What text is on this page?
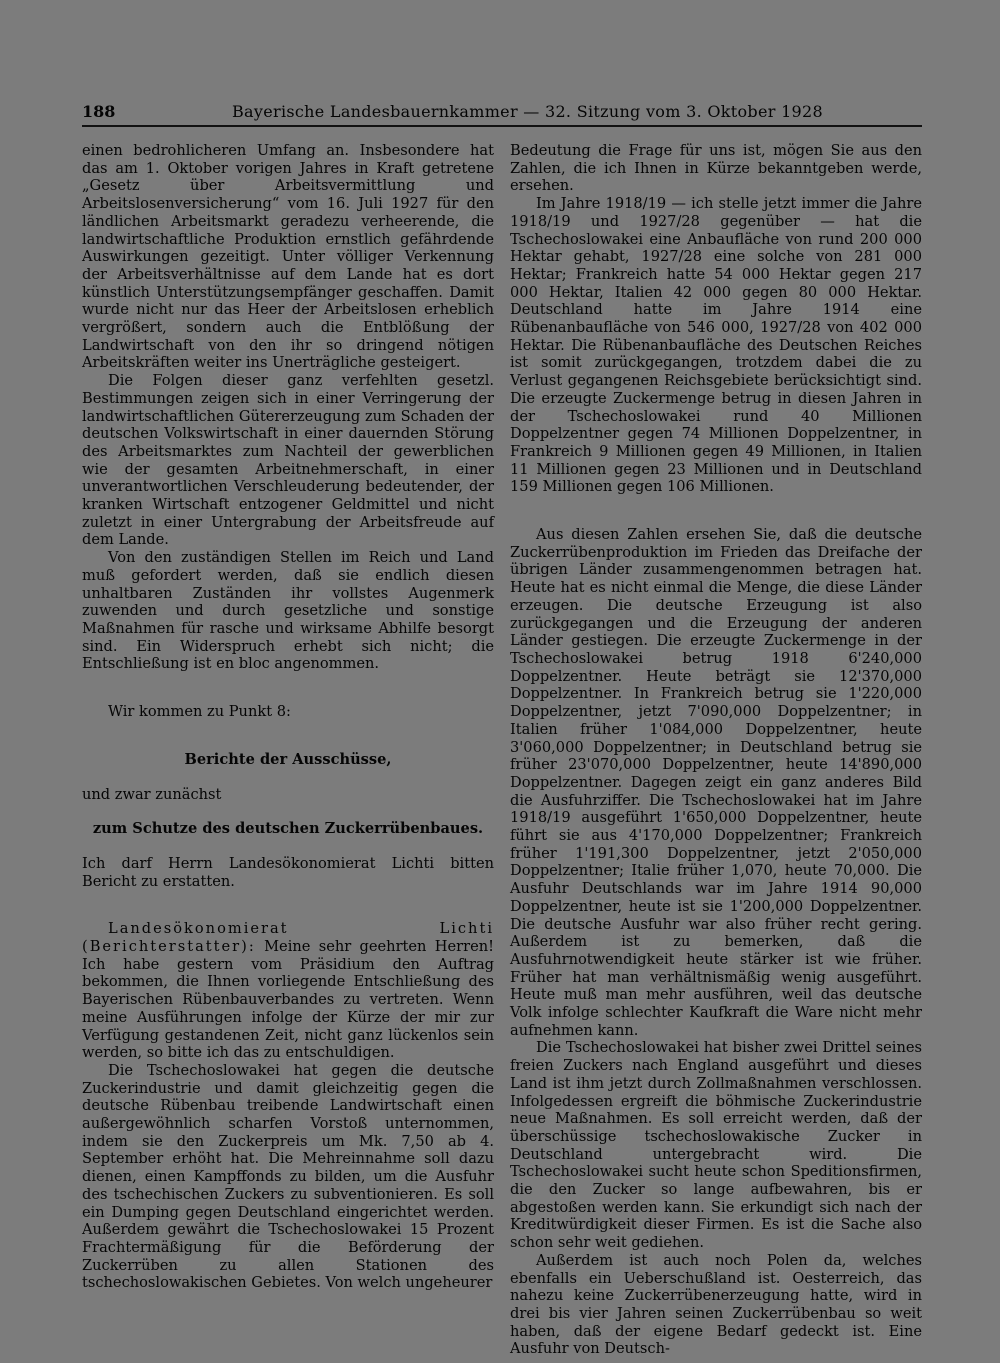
188	Bayerische Landesbauernkammer — 32. Sitzung vom 3. Oktober 1928

einen bedrohlicheren Umfang an. Insbesondere hat das am 1. Oktober vorigen Jahres in Kraft getretene „Gesetz über Arbeitsvermittlung und Arbeitslosenversicherung“ vom 16. Juli 1927 für den ländlichen Arbeitsmarkt geradezu verheerende, die landwirtschaftliche Produktion ernstlich gefährdende Auswirkungen gezeitigt. Unter völliger Verkennung der Arbeitsverhältnisse auf dem Lande hat es dort künstlich Unterstützungsempfänger geschaffen. Damit wurde nicht nur das Heer der Arbeitslosen erheblich vergrößert, sondern auch die Entblößung der Landwirtschaft von den ihr so dringend nötigen Arbeitskräften weiter ins Unerträgliche gesteigert.

Die Folgen dieser ganz verfehlten gesetzl. Bestimmungen zeigen sich in einer Verringerung der landwirtschaftlichen Gütererzeugung zum Schaden der deutschen Volkswirtschaft in einer dauernden Störung des Arbeitsmarktes zum Nachteil der gewerblichen wie der gesamten Arbeitnehmerschaft, in einer unverantwortlichen Verschleuderung bedeutender, der kranken Wirtschaft entzogener Geldmittel und nicht zuletzt in einer Untergrabung der Arbeitsfreude auf dem Lande.

Von den zuständigen Stellen im Reich und Land muß gefordert werden, daß sie endlich diesen unhaltbaren Zuständen ihr vollstes Augenmerk zuwenden und durch gesetzliche und sonstige Maßnahmen für rasche und wirksame Abhilfe besorgt sind. Ein Widerspruch erhebt sich nicht; die Entschließung ist en bloc angenommen.

Wir kommen zu Punkt 8:

Berichte der Ausschüsse,

und zwar zunächst

zum Schutze des deutschen Zuckerrübenbaues.

Ich darf Herrn Landesökonomierat Lichti bitten Bericht zu erstatten.

Landesökonomierat Lichti (Berichterstatter): Meine sehr geehrten Herren! Ich habe gestern vom Präsidium den Auftrag bekommen, die Ihnen vorliegende Entschließung des Bayerischen Rübenbauverbandes zu vertreten. Wenn meine Ausführungen infolge der Kürze der mir zur Verfügung gestandenen Zeit, nicht ganz lückenlos sein werden, so bitte ich das zu entschuldigen.

Die Tschechoslowakei hat gegen die deutsche Zuckerindustrie und damit gleichzeitig gegen die deutsche Rübenbau treibende Landwirtschaft einen außergewöhnlich scharfen Vorstoß unternommen, indem sie den Zuckerpreis um Mk. 7,50 ab 4. September erhöht hat. Die Mehreinnahme soll dazu dienen, einen Kampffonds zu bilden, um die Ausfuhr des tschechischen Zuckers zu subventionieren. Es soll ein Dumping gegen Deutschland eingerichtet werden. Außerdem gewährt die Tschechoslowakei 15 Prozent Frachtermäßigung für die Beförderung der Zuckerrüben zu allen Stationen des tschechoslowakischen Gebietes. Von welch ungeheurer

Bedeutung die Frage für uns ist, mögen Sie aus den Zahlen, die ich Ihnen in Kürze bekanntgeben werde, ersehen.

Im Jahre 1918/19 — ich stelle jetzt immer die Jahre 1918/19 und 1927/28 gegenüber — hat die Tschechoslowakei eine Anbaufläche von rund 200 000 Hektar gehabt, 1927/28 eine solche von 281 000 Hektar; Frankreich hatte 54 000 Hektar gegen 217 000 Hektar, Italien 42 000 gegen 80 000 Hektar. Deutschland hatte im Jahre 1914 eine Rübenanbaufläche von 546 000, 1927/28 von 402 000 Hektar. Die Rübenanbaufläche des Deutschen Reiches ist somit zurückgegangen, trotzdem dabei die zu Verlust gegangenen Reichsgebiete berücksichtigt sind. Die erzeugte Zuckermenge betrug in diesen Jahren in der Tschechoslowakei rund 40 Millionen Doppelzentner gegen 74 Millionen Doppelzentner, in Frankreich 9 Millionen gegen 49 Millionen, in Italien 11 Millionen gegen 23 Millionen und in Deutschland 159 Millionen gegen 106 Millionen.

Aus diesen Zahlen ersehen Sie, daß die deutsche Zuckerrübenproduktion im Frieden das Dreifache der übrigen Länder zusammengenommen betragen hat. Heute hat es nicht einmal die Menge, die diese Länder erzeugen. Die deutsche Erzeugung ist also zurückgegangen und die Erzeugung der anderen Länder gestiegen. Die erzeugte Zuckermenge in der Tschechoslowakei betrug 1918 6'240,000 Doppelzentner. Heute beträgt sie 12'370,000 Doppelzentner. In Frankreich betrug sie 1'220,000 Doppelzentner, jetzt 7'090,000 Doppelzentner; in Italien früher 1'084,000 Doppelzentner, heute 3'060,000 Doppelzentner; in Deutschland betrug sie früher 23'070,000 Doppelzentner, heute 14'890,000 Doppelzentner. Dagegen zeigt ein ganz anderes Bild die Ausfuhrziffer. Die Tschechoslowakei hat im Jahre 1918/19 ausgeführt 1'650,000 Doppelzentner, heute führt sie aus 4'170,000 Doppelzentner; Frankreich früher 1'191,300 Doppelzentner, jetzt 2'050,000 Doppelzentner; Italie früher 1,070, heute 70,000. Die Ausfuhr Deutschlands war im Jahre 1914 90,000 Doppelzentner, heute ist sie 1'200,000 Doppelzentner. Die deutsche Ausfuhr war also früher recht gering. Außerdem ist zu bemerken, daß die Ausfuhrnotwendigkeit heute stärker ist wie früher. Früher hat man verhältnismäßig wenig ausgeführt. Heute muß man mehr ausführen, weil das deutsche Volk infolge schlechter Kaufkraft die Ware nicht mehr aufnehmen kann.

Die Tschechoslowakei hat bisher zwei Drittel seines freien Zuckers nach England ausgeführt und dieses Land ist ihm jetzt durch Zollmaßnahmen verschlossen. Infolgedessen ergreift die böhmische Zuckerindustrie neue Maßnahmen. Es soll erreicht werden, daß der überschüssige tschechoslowakische Zucker in Deutschland untergebracht wird. Die Tschechoslowakei sucht heute schon Speditionsfirmen, die den Zucker so lange aufbewahren, bis er abgestoßen werden kann. Sie erkundigt sich nach der Kreditwürdigkeit dieser Firmen. Es ist die Sache also schon sehr weit gediehen.

Außerdem ist auch noch Polen da, welches ebenfalls ein Ueberschußland ist. Oesterreich, das nahezu keine Zuckerrübenerzeugung hatte, wird in drei bis vier Jahren seinen Zuckerrübenbau so weit haben, daß der eigene Bedarf gedeckt ist. Eine Ausfuhr von Deutsch-
